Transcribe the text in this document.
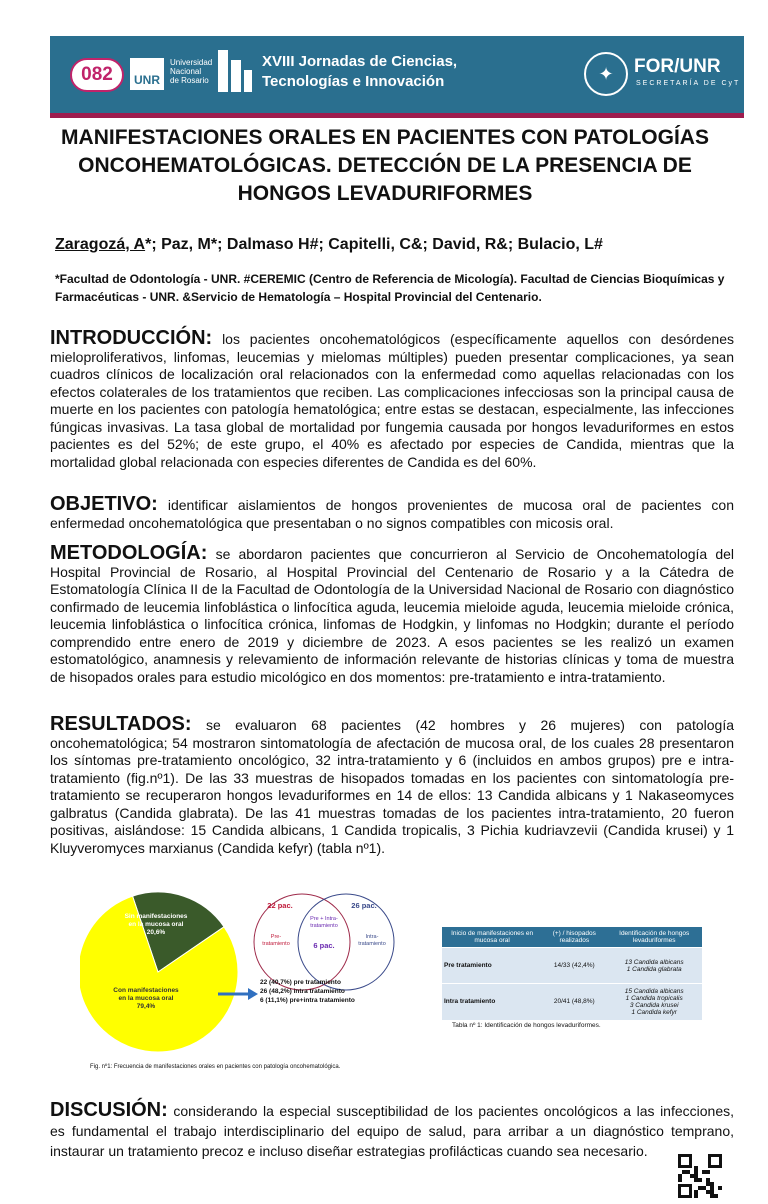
082	UNR
Universidad Nacional de Rosario
XVIII Jornadas de Ciencias,
Tecnologías e Innovación	✦	FOR/UNR
SECRETARÍA DE CyT
MANIFESTACIONES ORALES EN PACIENTES CON PATOLOGÍAS ONCOHEMATOLÓGICAS. DETECCIÓN DE LA PRESENCIA DE HONGOS LEVADURIFORMES
Zaragozá, A*; Paz, M*; Dalmaso H#; Capitelli, C&; David, R&; Bulacio, L#
*Facultad de Odontología - UNR. #CEREMIC (Centro de Referencia de Micología). Facultad de Ciencias Bioquímicas y Farmacéuticas - UNR. &Servicio de Hematología – Hospital Provincial del Centenario.
INTRODUCCIÓN: los pacientes oncohematológicos (específicamente aquellos con desórdenes mieloproliferativos, linfomas, leucemias y mielomas múltiples) pueden presentar complicaciones, ya sean cuadros clínicos de localización oral relacionados con la enfermedad como aquellas relacionadas con los efectos colaterales de los tratamientos que reciben. Las complicaciones infecciosas son la principal causa de muerte en los pacientes con patología hematológica; entre estas se destacan, especialmente, las infecciones fúngicas invasivas. La tasa global de mortalidad por fungemia causada por hongos levaduriformes en estos pacientes es del 52%; de este grupo, el 40% es afectado por especies de Candida, mientras que la mortalidad global relacionada con especies diferentes de Candida es del 60%.
OBJETIVO: identificar aislamientos de hongos provenientes de mucosa oral de pacientes con enfermedad oncohematológica que presentaban o no signos compatibles con micosis oral.
METODOLOGÍA: se abordaron pacientes que concurrieron al Servicio de Oncohematología del Hospital Provincial de Rosario, al Hospital Provincial del Centenario de Rosario y a la Cátedra de Estomatología Clínica II de la Facultad de Odontología de la Universidad Nacional de Rosario con diagnóstico confirmado de leucemia linfoblástica o linfocítica aguda, leucemia mieloide aguda, leucemia mieloide crónica, leucemia linfoblástica o linfocítica crónica, linfomas de Hodgkin, y linfomas no Hodgkin; durante el período comprendido entre enero de 2019 y diciembre de 2023. A esos pacientes se les realizó un examen estomatológico, anamnesis y relevamiento de información relevante de historias clínicas y toma de muestra de hisopados orales para estudio micológico en dos momentos: pre-tratamiento e intra-tratamiento.
RESULTADOS: se evaluaron 68 pacientes (42 hombres y 26 mujeres) con patología oncohematológica; 54 mostraron sintomatología de afectación de mucosa oral, de los cuales 28 presentaron los síntomas pre-tratamiento oncológico, 32 intra-tratamiento y 6 (incluidos en ambos grupos) pre e intra-tratamiento (fig.nº1). De las 33 muestras de hisopados tomadas en los pacientes con sintomatología pre-tratamiento se recuperaron hongos levaduriformes en 14 de ellos: 13 Candida albicans y 1 Nakaseomyces galbratus (Candida glabrata). De las 41 muestras tomadas de los pacientes intra-tratamiento, 20 fueron positivas, aislándose: 15 Candida albicans, 1 Candida tropicalis, 3 Pichia kudriavzevii (Candida krusei) y 1 Kluyveromyces marxianus (Candida kefyr) (tabla nº1).
Sin manifestaciones en la mucosa oral 20,6%
Con manifestaciones en la mucosa oral 79,4%
22 pac.	26 pac.
6 pac.
Pre + Intra-tratamiento
Pre-tratamiento
Intra-tratamiento
22 (40,7%) pre tratamiento
26 (48,2%) intra tratamiento
6 (11,1%) pre+intra tratamiento
Fig. nº1: Frecuencia de manifestaciones orales en pacientes con patología oncohematológica.
Inicio de manifestaciones en mucosa oral	(+) / hisopados realizados	Identificación de hongos levaduriformes
Pre tratamiento	14/33 (42,4%)	13 Candida albicans
1 Candida glabrata

Intra tratamiento	20/41 (48,8%)	15 Candida albicans
1 Candida tropicalis
3 Candida krusei
1 Candida kefyr
Tabla nº 1: Identificación de hongos levaduriformes.
DISCUSIÓN: considerando la especial susceptibilidad de los pacientes oncológicos a las infecciones, es fundamental el trabajo interdisciplinario del equipo de salud, para arribar a un diagnóstico temprano, instaurar un tratamiento precoz e incluso diseñar estrategias profilácticas cuando sea necesario.
